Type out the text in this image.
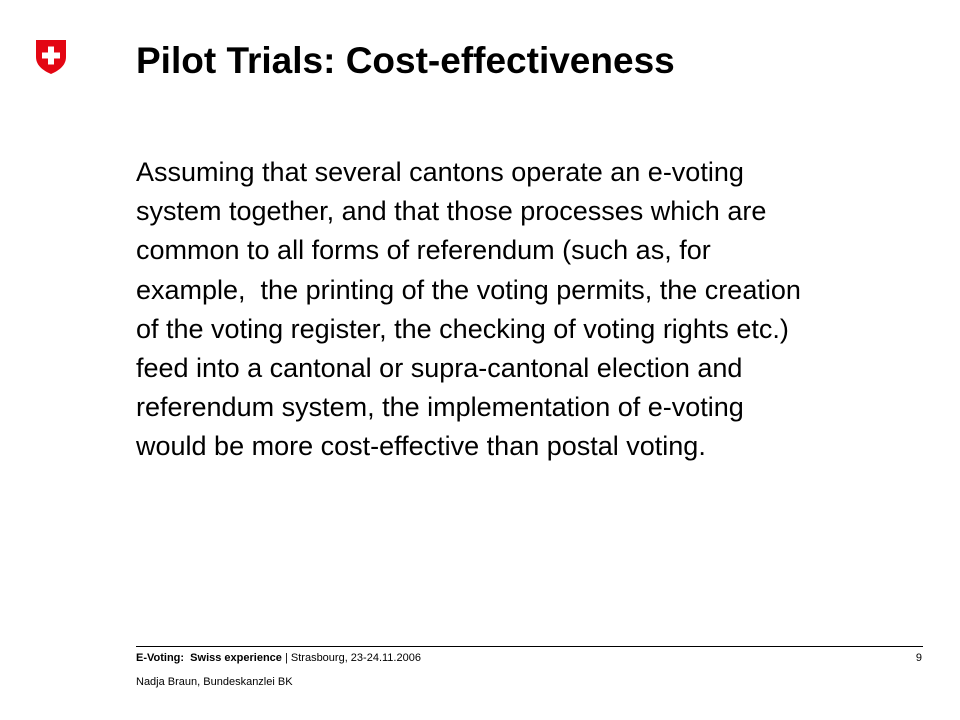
Pilot Trials: Cost-effectiveness
Assuming that several cantons operate an e-voting
system together, and that those processes which are
common to all forms of referendum (such as, for
example,  the printing of the voting permits, the creation
of the voting register, the checking of voting rights etc.)
feed into a cantonal or supra-cantonal election and
referendum system, the implementation of e-voting
would be more cost-effective than postal voting.
E-Voting:  Swiss experience | Strasbourg, 23-24.11.2006
Nadja Braun, Bundeskanzlei BK
9
